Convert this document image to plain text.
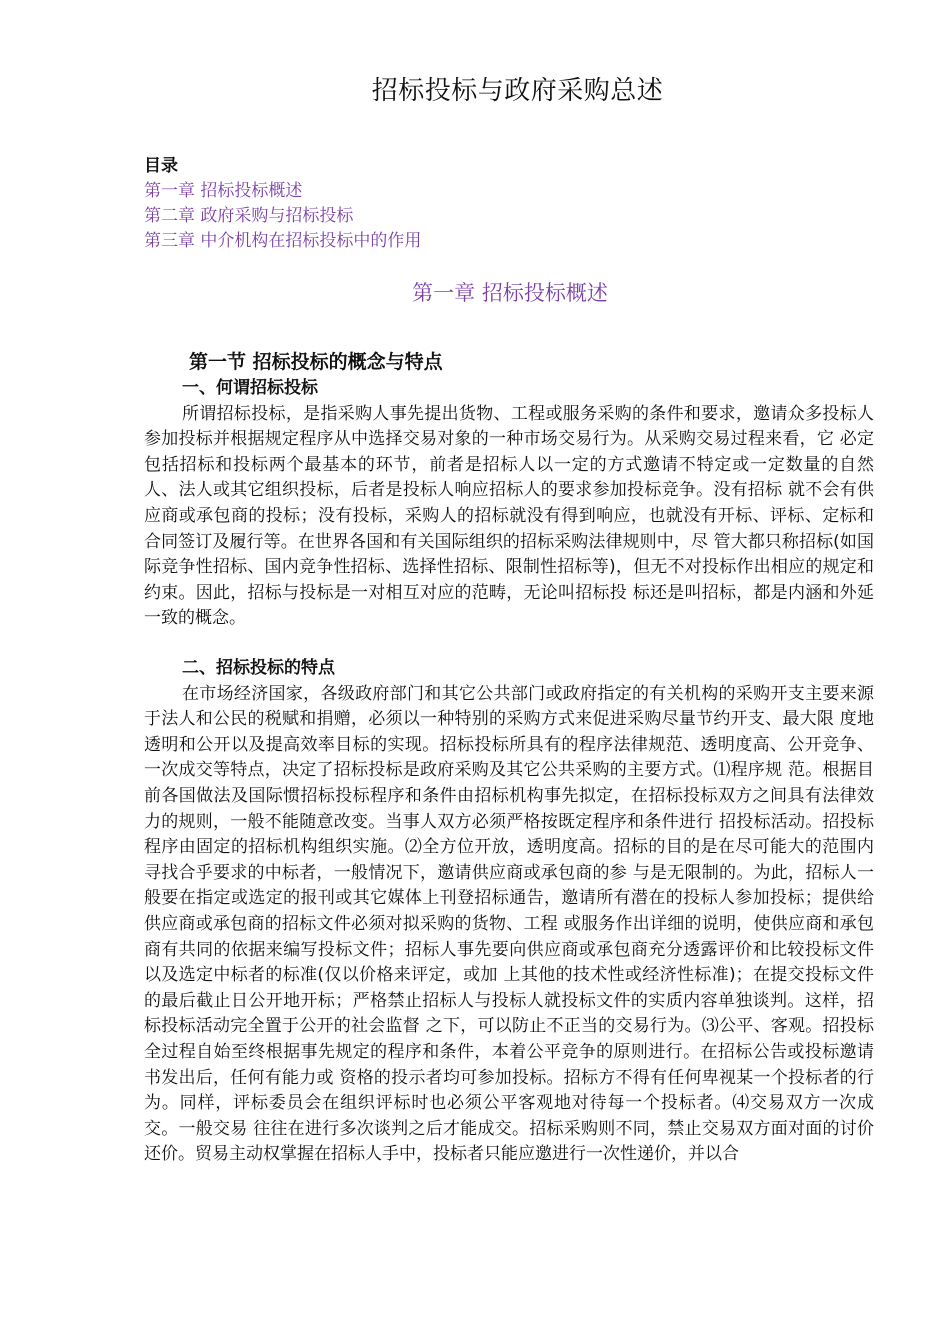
招标投标与政府采购总述
目录
第一章 招标投标概述
第二章 政府采购与招标投标
第三章 中介机构在招标投标中的作用
第一章 招标投标概述
第一节 招标投标的概念与特点
一、何谓招标投标

所谓招标投标，是指采购人事先提出货物、工程或服务采购的条件和要求，邀请众多投标人参加投标并根据规定程序从中选择交易对象的一种市场交易行为。从采购交易过程来看，它 必定包括招标和投标两个最基本的环节，前者是招标人以一定的方式邀请不特定或一定数量的自然人、法人或其它组织投标，后者是投标人响应招标人的要求参加投标竞争。没有招标 就不会有供应商或承包商的投标；没有投标，采购人的招标就没有得到响应，也就没有开标、评标、定标和合同签订及履行等。在世界各国和有关国际组织的招标采购法律规则中，尽 管大都只称招标(如国际竞争性招标、国内竞争性招标、选择性招标、限制性招标等)，但无不对投标作出相应的规定和约束。因此，招标与投标是一对相互对应的范畴，无论叫招标投 标还是叫招标，都是内涵和外延一致的概念。

二、招标投标的特点

在市场经济国家，各级政府部门和其它公共部门或政府指定的有关机构的采购开支主要来源于法人和公民的税赋和捐赠，必须以一种特别的采购方式来促进采购尽量节约开支、最大限 度地透明和公开以及提高效率目标的实现。招标投标所具有的程序法律规范、透明度高、公开竞争、一次成交等特点，决定了招标投标是政府采购及其它公共采购的主要方式。⑴程序规 范。根据目前各国做法及国际惯招标投标程序和条件由招标机构事先拟定，在招标投标双方之间具有法律效力的规则，一般不能随意改变。当事人双方必须严格按既定程序和条件进行 招投标活动。招投标程序由固定的招标机构组织实施。⑵全方位开放，透明度高。招标的目的是在尽可能大的范围内寻找合乎要求的中标者，一般情况下，邀请供应商或承包商的参 与是无限制的。为此，招标人一般要在指定或选定的报刊或其它媒体上刊登招标通告，邀请所有潜在的投标人参加投标；提供给供应商或承包商的招标文件必须对拟采购的货物、工程 或服务作出详细的说明，使供应商和承包商有共同的依据来编写投标文件；招标人事先要向供应商或承包商充分透露评价和比较投标文件以及选定中标者的标准(仅以价格来评定，或加 上其他的技术性或经济性标准)；在提交投标文件的最后截止日公开地开标；严格禁止招标人与投标人就投标文件的实质内容单独谈判。这样，招标投标活动完全置于公开的社会监督 之下，可以防止不正当的交易行为。⑶公平、客观。招投标全过程自始至终根据事先规定的程序和条件，本着公平竞争的原则进行。在招标公告或投标邀请书发出后，任何有能力或 资格的投示者均可参加投标。招标方不得有任何卑视某一个投标者的行为。同样，评标委员会在组织评标时也必须公平客观地对待每一个投标者。⑷交易双方一次成交。一般交易 往往在进行多次谈判之后才能成交。招标采购则不同，禁止交易双方面对面的讨价还价。贸易主动权掌握在招标人手中，投标者只能应邀进行一次性递价，并以合
